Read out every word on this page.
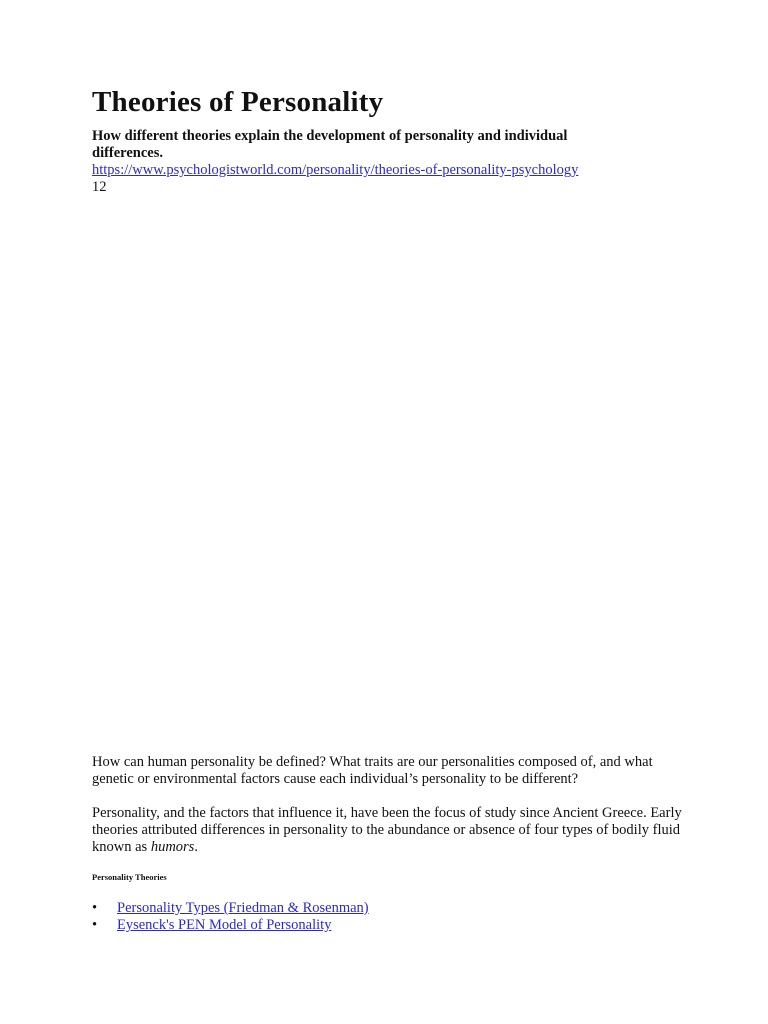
Theories of Personality
How different theories explain the development of personality and individual differences.
https://www.psychologistworld.com/personality/theories-of-personality-psychology
12
How can human personality be defined? What traits are our personalities composed of, and what genetic or environmental factors cause each individual’s personality to be different?
Personality, and the factors that influence it, have been the focus of study since Ancient Greece. Early theories attributed differences in personality to the abundance or absence of four types of bodily fluid known as humors.
Personality Theories
• Personality Types (Friedman & Rosenman)
• Eysenck's PEN Model of Personality
